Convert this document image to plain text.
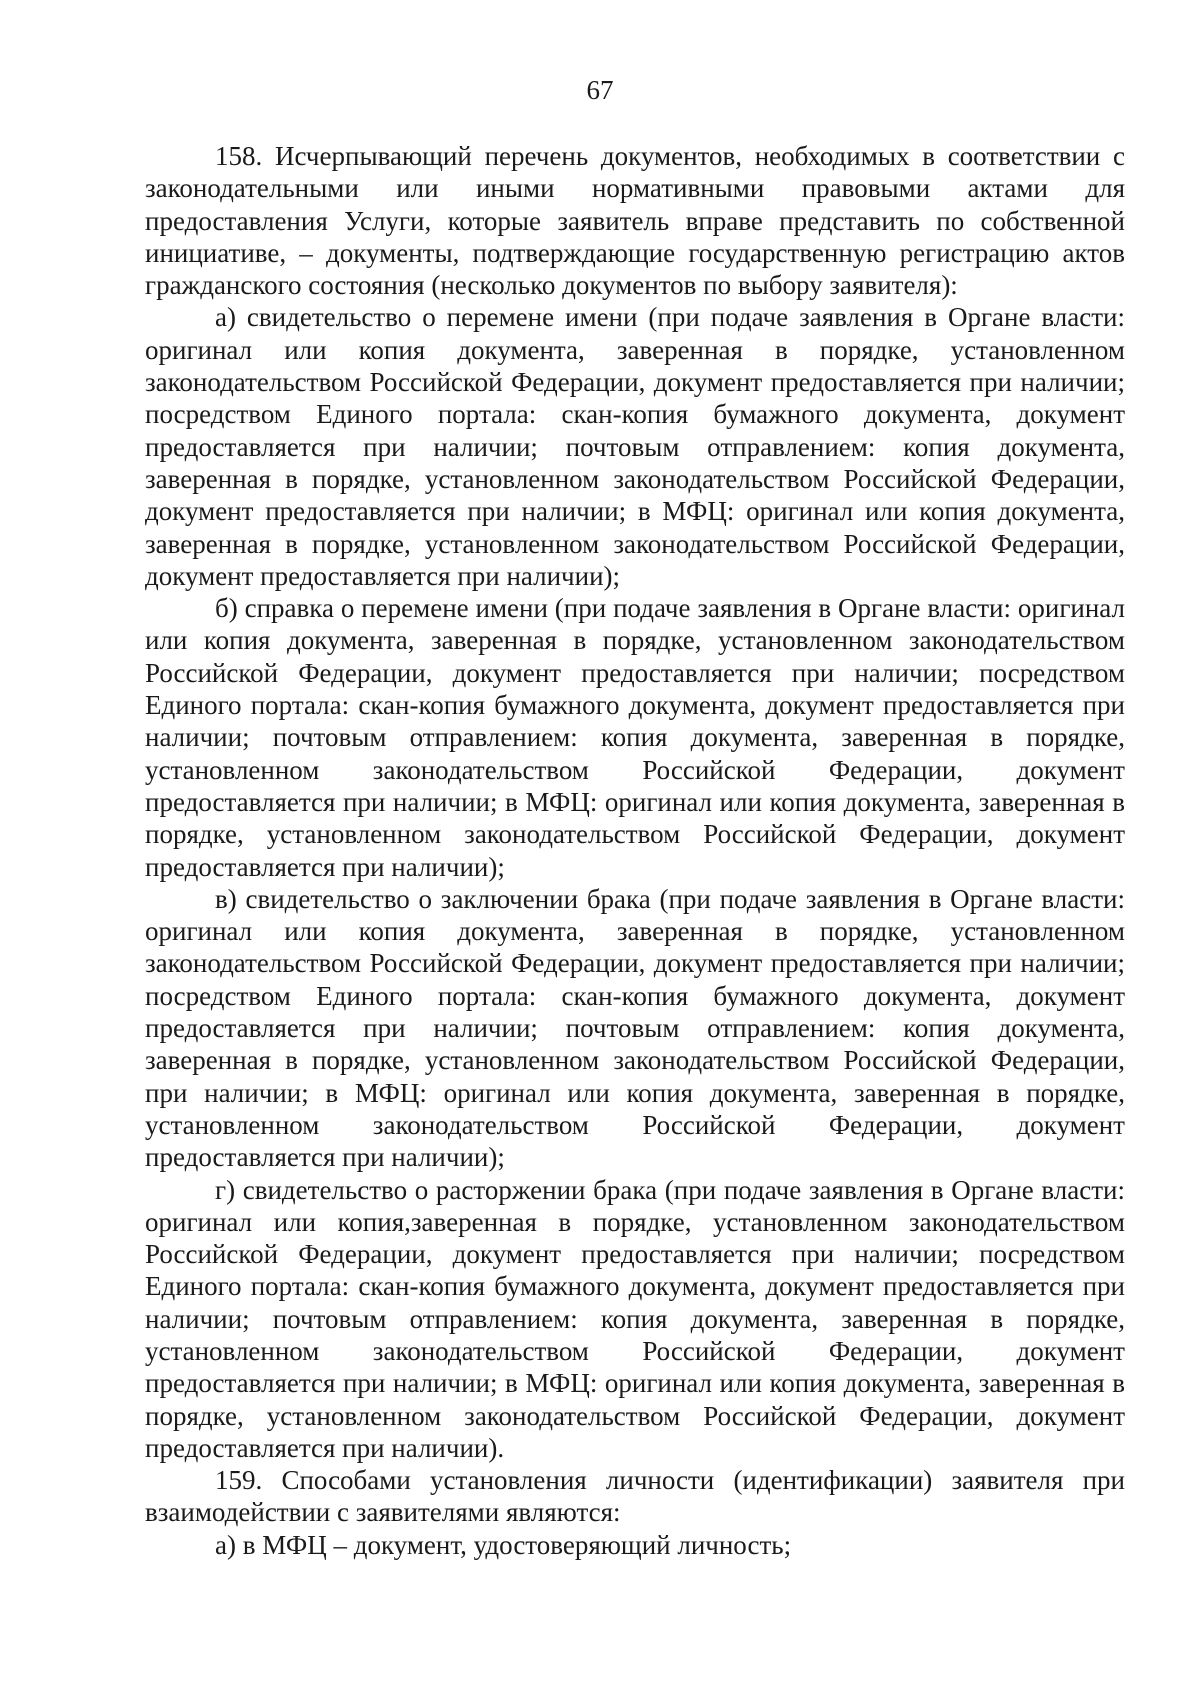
67

158. Исчерпывающий перечень документов, необходимых в соответствии с законодательными или иными нормативными правовыми актами для предоставления Услуги, которые заявитель вправе представить по собственной инициативе, – документы, подтверждающие государственную регистрацию актов гражданского состояния (несколько документов по выбору заявителя):

а) свидетельство о перемене имени (при подаче заявления в Органе власти: оригинал или копия документа, заверенная в порядке, установленном законодательством Российской Федерации, документ предоставляется при наличии; посредством Единого портала: скан-копия бумажного документа, документ предоставляется при наличии; почтовым отправлением: копия документа, заверенная в порядке, установленном законодательством Российской Федерации, документ предоставляется при наличии; в МФЦ: оригинал или копия документа, заверенная в порядке, установленном законодательством Российской Федерации, документ предоставляется при наличии);

б) справка о перемене имени (при подаче заявления в Органе власти: оригинал или копия документа, заверенная в порядке, установленном законодательством Российской Федерации, документ предоставляется при наличии; посредством Единого портала: скан-копия бумажного документа, документ предоставляется при наличии; почтовым отправлением: копия документа, заверенная в порядке, установленном законодательством Российской Федерации, документ предоставляется при наличии; в МФЦ: оригинал или копия документа, заверенная в порядке, установленном законодательством Российской Федерации, документ предоставляется при наличии);

в) свидетельство о заключении брака (при подаче заявления в Органе власти: оригинал или копия документа, заверенная в порядке, установленном законодательством Российской Федерации, документ предоставляется при наличии; посредством Единого портала: скан-копия бумажного документа, документ предоставляется при наличии; почтовым отправлением: копия документа, заверенная в порядке, установленном законодательством Российской Федерации, при наличии; в МФЦ: оригинал или копия документа, заверенная в порядке, установленном законодательством Российской Федерации, документ предоставляется при наличии);

г) свидетельство о расторжении брака (при подаче заявления в Органе власти: оригинал или копия,заверенная в порядке, установленном законодательством Российской Федерации, документ предоставляется при наличии; посредством Единого портала: скан-копия бумажного документа, документ предоставляется при наличии; почтовым отправлением: копия документа, заверенная в порядке, установленном законодательством Российской Федерации, документ предоставляется при наличии; в МФЦ: оригинал или копия документа, заверенная в порядке, установленном законодательством Российской Федерации, документ предоставляется при наличии).

159. Способами установления личности (идентификации) заявителя при взаимодействии с заявителями являются:

а) в МФЦ – документ, удостоверяющий личность;
